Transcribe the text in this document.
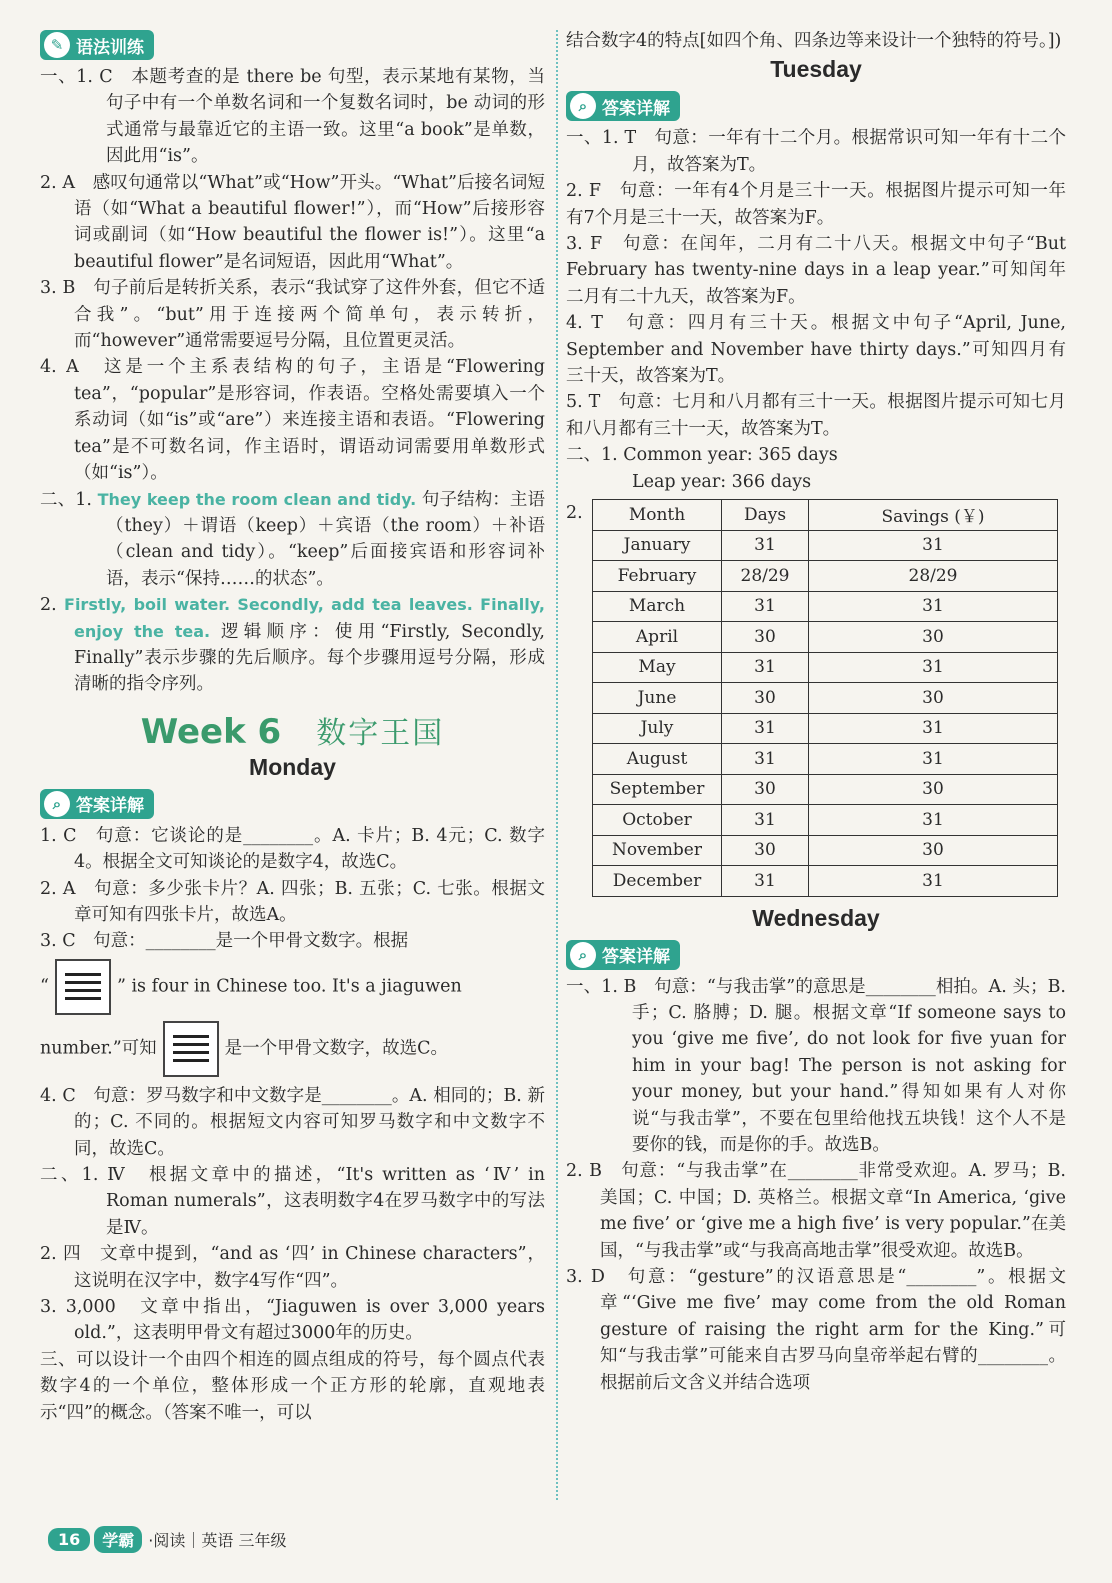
✎ 语法训练

一、1. C　本题考查的是 there be 句型，表示某地有某物，当句子中有一个单数名词和一个复数名词时，be 动词的形式通常与最靠近它的主语一致。这里“a book”是单数，因此用“is”。

2. A　感叹句通常以“What”或“How”开头。“What”后接名词短语（如“What a beautiful flower!”），而“How”后接形容词或副词（如“How beautiful the flower is!”）。这里“a beautiful flower”是名词短语，因此用“What”。

3. B　句子前后是转折关系，表示“我试穿了这件外套，但它不适合我”。“but”用于连接两个简单句，表示转折，而“however”通常需要逗号分隔，且位置更灵活。

4. A　这是一个主系表结构的句子，主语是“Flowering tea”，“popular”是形容词，作表语。空格处需要填入一个系动词（如“is”或“are”）来连接主语和表语。“Flowering tea”是不可数名词，作主语时，谓语动词需要用单数形式（如“is”）。

二、1. They keep the room clean and tidy. 句子结构：主语（they）＋谓语（keep）＋宾语（the room）＋补语（clean and tidy）。“keep”后面接宾语和形容词补语，表示“保持……的状态”。

2. Firstly, boil water. Secondly, add tea leaves. Finally, enjoy the tea. 逻辑顺序：使用“Firstly, Secondly, Finally”表示步骤的先后顺序。每个步骤用逗号分隔，形成清晰的指令序列。

Week 6 数字王国
Monday
⌕ 答案详解

1. C　句意：它谈论的是________。A. 卡片；B. 4元；C. 数字4。根据全文可知谈论的是数字4，故选C。

2. A　句意：多少张卡片？A. 四张；B. 五张；C. 七张。根据文章可知有四张卡片，故选A。

3. C　句意：________是一个甲骨文数字。根据

“	” is four in Chinese too. It's a jiaguwen

number.”可知	是一个甲骨文数字，故选C。

4. C　句意：罗马数字和中文数字是________。A. 相同的；B. 新的；C. 不同的。根据短文内容可知罗马数字和中文数字不同，故选C。

二、1. Ⅳ　根据文章中的描述，“It's written as ‘Ⅳ’ in Roman numerals”，这表明数字4在罗马数字中的写法是Ⅳ。

2. 四　文章中提到，“and as ‘四’ in Chinese characters”，这说明在汉字中，数字4写作“四”。

3. 3,000　文章中指出，“Jiaguwen is over 3,000 years old.”，这表明甲骨文有超过3000年的历史。

三、可以设计一个由四个相连的圆点组成的符号，每个圆点代表数字4的一个单位，整体形成一个正方形的轮廓，直观地表示“四”的概念。（答案不唯一，可以

结合数字4的特点[如四个角、四条边等来设计一个独特的符号。])

Tuesday
⌕ 答案详解

一、1. T　句意：一年有十二个月。根据常识可知一年有十二个月，故答案为T。

2. F　句意：一年有4个月是三十一天。根据图片提示可知一年有7个月是三十一天，故答案为F。

3. F　句意：在闰年，二月有二十八天。根据文中句子“But February has twenty-nine days in a leap year.”可知闰年二月有二十九天，故答案为F。

4. T　句意：四月有三十天。根据文中句子“April, June, September and November have thirty days.”可知四月有三十天，故答案为T。

5. T　句意：七月和八月都有三十一天。根据图片提示可知七月和八月都有三十一天，故答案为T。

二、1. Common year: 365 days

Leap year: 366 days

2.	Month	Days	Savings (￥)
January	31	31
February	28/29	28/29
March	31	31
April	30	30
May	31	31
June	30	30
July	31	31
August	31	31
September	30	30
October	31	31
November	30	30
December	31	31
Wednesday
⌕ 答案详解

一、1. B　句意：“与我击掌”的意思是________相拍。A. 头；B. 手；C. 胳膊；D. 腿。根据文章“If someone says to you ‘give me five’, do not look for five yuan for him in your bag! The person is not asking for your money, but your hand.”得知如果有人对你说“与我击掌”，不要在包里给他找五块钱！这个人不是要你的钱，而是你的手。故选B。

2. B　句意：“与我击掌”在________非常受欢迎。A. 罗马；B. 美国；C. 中国；D. 英格兰。根据文章“In America, ‘give me five’ or ‘give me a high five’ is very popular.”在美国，“与我击掌”或“与我高高地击掌”很受欢迎。故选B。

3. D　句意：“gesture”的汉语意思是“________”。根据文章“‘Give me five’ may come from the old Roman gesture of raising the right arm for the King.”可知“与我击掌”可能来自古罗马向皇帝举起右臂的________。根据前后文含义并结合选项

16	学霸 ·阅读｜英语 三年级
